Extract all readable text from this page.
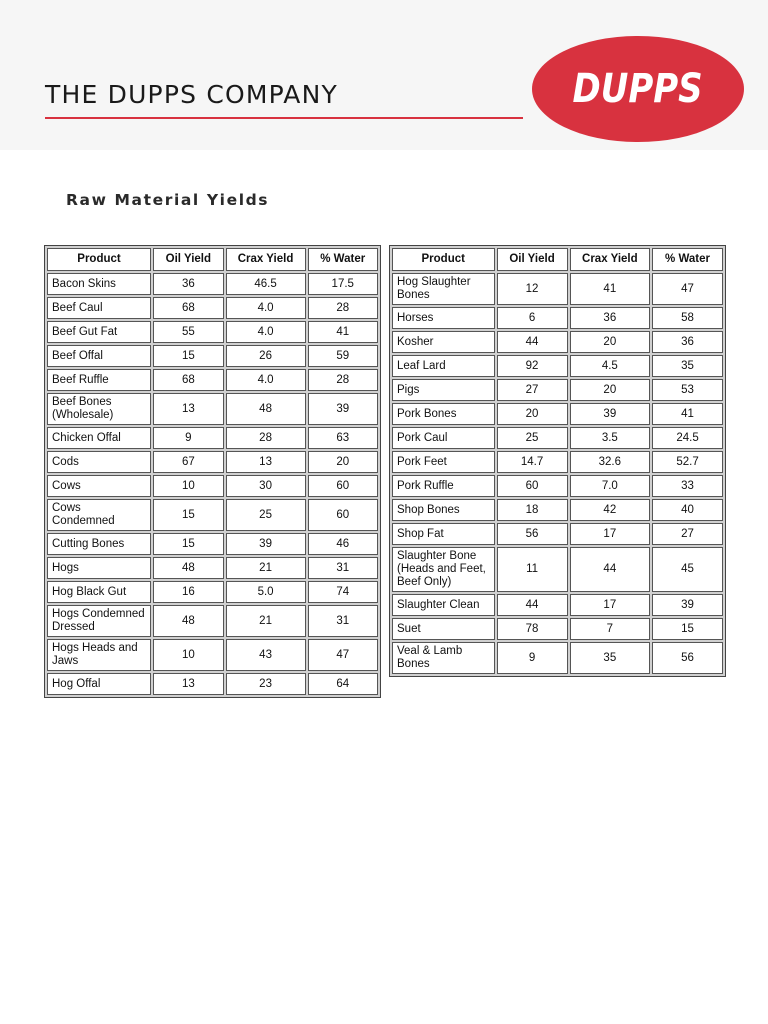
THE DUPPS COMPANY	DUPPS
Raw Material Yields
Product	Oil Yield	Crax Yield	% Water
Bacon Skins	36	46.5	17.5
Beef Caul	68	4.0	28
Beef Gut Fat	55	4.0	41
Beef Offal	15	26	59
Beef Ruffle	68	4.0	28
Beef Bones (Wholesale)	13	48	39
Chicken Offal	9	28	63
Cods	67	13	20
Cows	10	30	60
Cows Condemned	15	25	60
Cutting Bones	15	39	46
Hogs	48	21	31
Hog Black Gut	16	5.0	74
Hogs Condemned Dressed	48	21	31
Hogs Heads and Jaws	10	43	47
Hog Offal	13	23	64
Product	Oil Yield	Crax Yield	% Water
Hog Slaughter Bones	12	41	47
Horses	6	36	58
Kosher	44	20	36
Leaf Lard	92	4.5	35
Pigs	27	20	53
Pork Bones	20	39	41
Pork Caul	25	3.5	24.5
Pork Feet	14.7	32.6	52.7
Pork Ruffle	60	7.0	33
Shop Bones	18	42	40
Shop Fat	56	17	27
Slaughter Bone (Heads and Feet, Beef Only)	11	44	45
Slaughter Clean	44	17	39
Suet	78	7	15
Veal & Lamb Bones	9	35	56
